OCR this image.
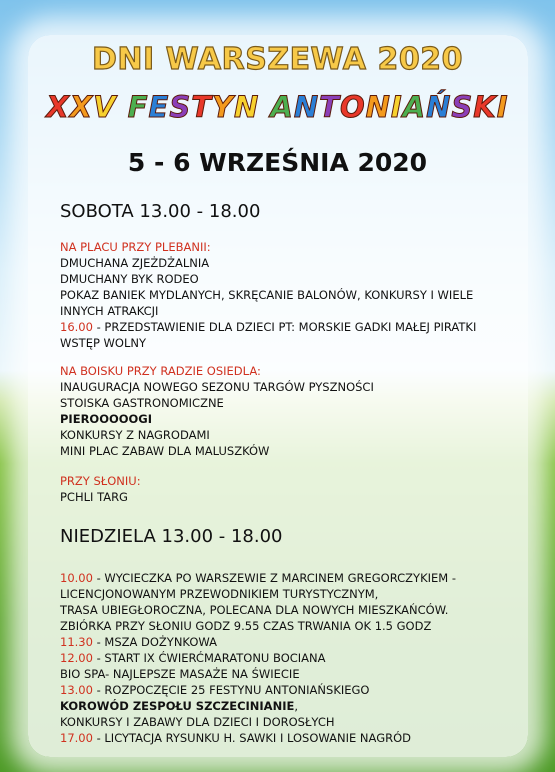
DNI WARSZEWA 2020
XXV FESTYN ANTONIAŃSKI
5 - 6 WRZEŚNIA 2020
SOBOTA 13.00 - 18.00
NA PLACU PRZY PLEBANII:
DMUCHANA ZJEŻDŻALNIA
DMUCHANY BYK RODEO
POKAZ BANIEK MYDLANYCH, SKRĘCANIE BALONÓW, KONKURSY I WIELE
INNYCH ATRAKCJI
16.00 - PRZEDSTAWIENIE DLA DZIECI PT: MORSKIE GADKI MAŁEJ PIRATKI
WSTĘP WOLNY
NA BOISKU PRZY RADZIE OSIEDLA:
INAUGURACJA NOWEGO SEZONU TARGÓW PYSZNOŚCI
STOISKA GASTRONOMICZNE
PIEROOOOOGI
KONKURSY Z NAGRODAMI
MINI PLAC ZABAW DLA MALUSZKÓW
PRZY SŁONIU:
PCHLI TARG
NIEDZIELA 13.00 - 18.00
10.00 - WYCIECZKA PO WARSZEWIE Z MARCINEM GREGORCZYKIEM -
LICENCJONOWANYM PRZEWODNIKIEM TURYSTYCZNYM,
TRASA UBIEGŁOROCZNA, POLECANA DLA NOWYCH MIESZKAŃCÓW.
ZBIÓRKA PRZY SŁONIU GODZ 9.55 CZAS TRWANIA OK 1.5 GODZ
11.30 - MSZA DOŻYNKOWA
12.00 - START IX ĆWIERĆMARATONU BOCIANA
BIO SPA- NAJLEPSZE MASAŻE NA ŚWIECIE
13.00 - ROZPOCZĘCIE 25 FESTYNU ANTONIAŃSKIEGO
KOROWÓD ZESPOŁU SZCZECINIANIE,
KONKURSY I ZABAWY DLA DZIECI I DOROSŁYCH
17.00 - LICYTACJA RYSUNKU H. SAWKI I LOSOWANIE NAGRÓD
